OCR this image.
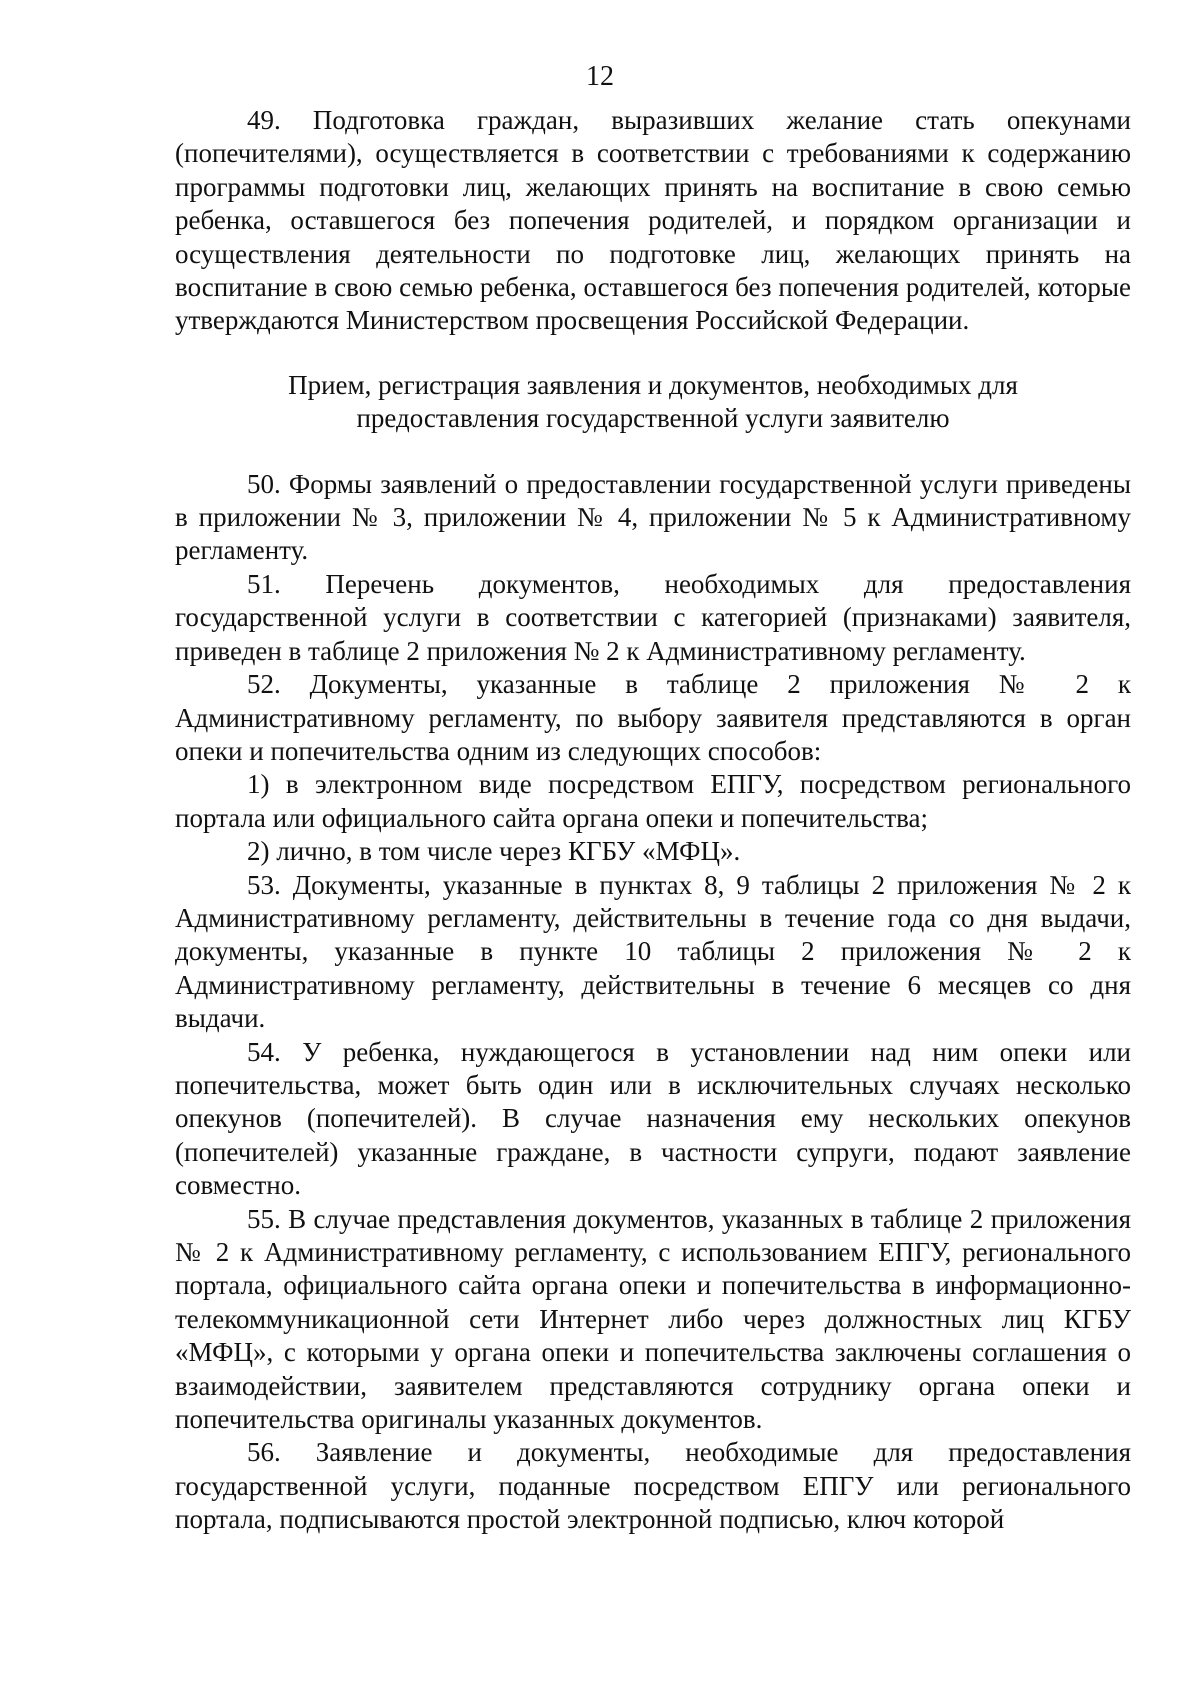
12

49. Подготовка граждан, выразивших желание стать опекунами (попечителями), осуществляется в соответствии с требованиями к содержанию программы подготовки лиц, желающих принять на воспитание в свою семью ребенка, оставшегося без попечения родителей, и порядком организации и осуществления деятельности по подготовке лиц, желающих принять на воспитание в свою семью ребенка, оставшегося без попечения родителей, которые утверждаются Министерством просвещения Российской Федерации.

Прием, регистрация заявления и документов, необходимых для

предоставления государственной услуги заявителю

50. Формы заявлений о предоставлении государственной услуги приведены в приложении № 3, приложении № 4, приложении № 5 к Административному регламенту.

51. Перечень документов, необходимых для предоставления государственной услуги в соответствии с категорией (признаками) заявителя, приведен в таблице 2 приложения № 2 к Административному регламенту.

52. Документы, указанные в таблице 2 приложения № 2 к Административному регламенту, по выбору заявителя представляются в орган опеки и попечительства одним из следующих способов:

1) в электронном виде посредством ЕПГУ, посредством регионального портала или официального сайта органа опеки и попечительства;

2) лично, в том числе через КГБУ «МФЦ».

53. Документы, указанные в пунктах 8, 9 таблицы 2 приложения № 2 к Административному регламенту, действительны в течение года со дня выдачи, документы, указанные в пункте 10 таблицы 2 приложения № 2 к Административному регламенту, действительны в течение 6 месяцев со дня выдачи.

54. У ребенка, нуждающегося в установлении над ним опеки или попечительства, может быть один или в исключительных случаях несколько опекунов (попечителей). В случае назначения ему нескольких опекунов (попечителей) указанные граждане, в частности супруги, подают заявление совместно.

55. В случае представления документов, указанных в таблице 2 приложения № 2 к Административному регламенту, с использованием ЕПГУ, регионального портала, официального сайта органа опеки и попечительства в информационно-телекоммуникационной сети Интернет либо через должностных лиц КГБУ «МФЦ», с которыми у органа опеки и попечительства заключены соглашения о взаимодействии, заявителем представляются сотруднику органа опеки и попечительства оригиналы указанных документов.

56. Заявление и документы, необходимые для предоставления государственной услуги, поданные посредством ЕПГУ или регионального портала, подписываются простой электронной подписью, ключ которой
